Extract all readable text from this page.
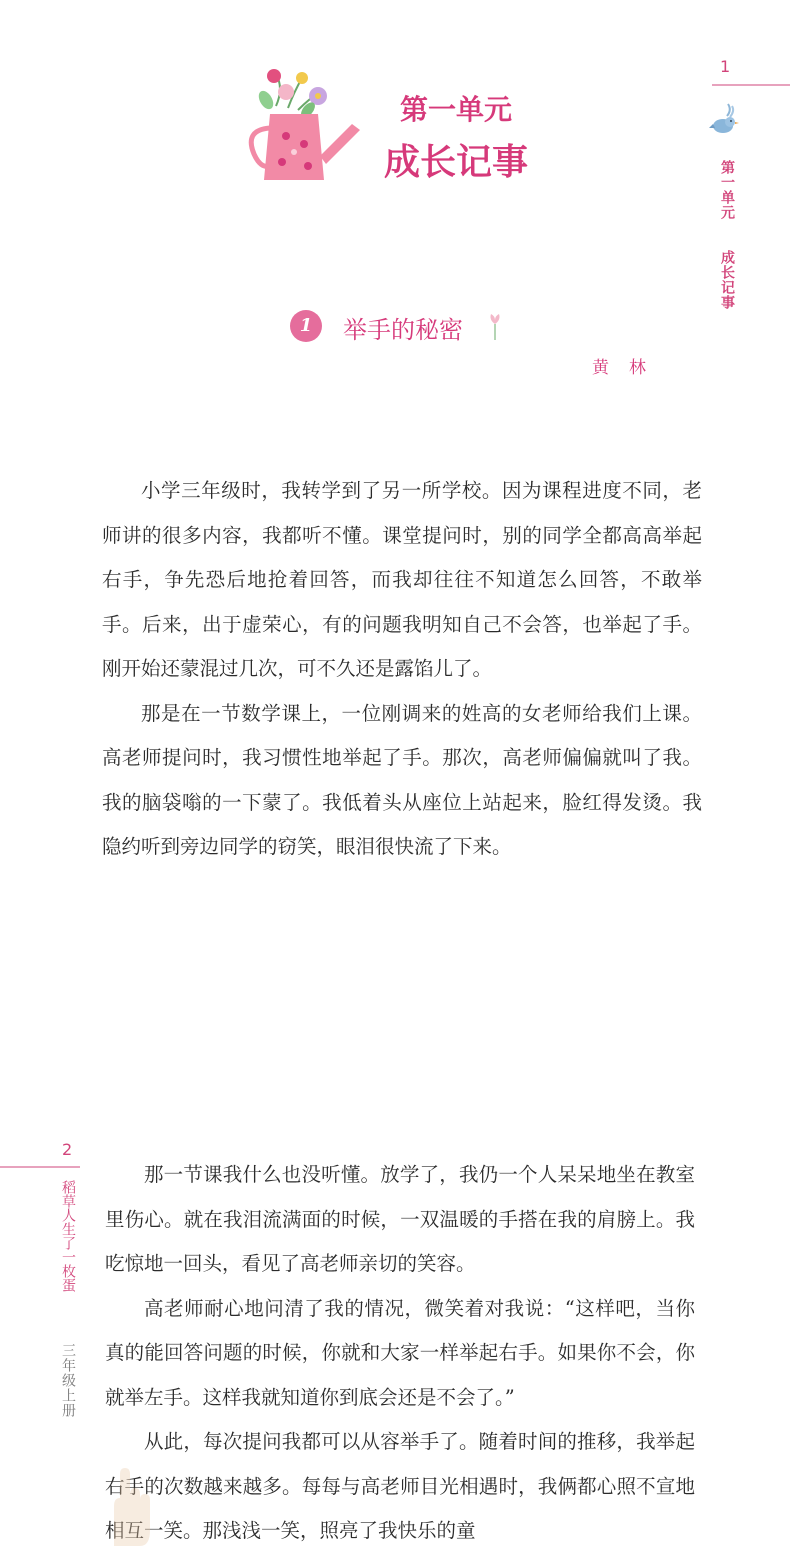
1
第一单元
成长记事
第一单元
成长记事
1	举手的秘密
黄林

小学三年级时，我转学到了另一所学校。因为课程进度不同，老师讲的很多内容，我都听不懂。课堂提问时，别的同学全都高高举起右手，争先恐后地抢着回答，而我却往往不知道怎么回答，不敢举手。后来，出于虚荣心，有的问题我明知自己不会答，也举起了手。刚开始还蒙混过几次，可不久还是露馅儿了。

那是在一节数学课上，一位刚调来的姓高的女老师给我们上课。高老师提问时，我习惯性地举起了手。那次，高老师偏偏就叫了我。我的脑袋嗡的一下蒙了。我低着头从座位上站起来，脸红得发烫。我隐约听到旁边同学的窃笑，眼泪很快流了下来。

2
稻草人生了一枚蛋
三年级上册

那一节课我什么也没听懂。放学了，我仍一个人呆呆地坐在教室里伤心。就在我泪流满面的时候，一双温暖的手搭在我的肩膀上。我吃惊地一回头，看见了高老师亲切的笑容。

高老师耐心地问清了我的情况，微笑着对我说：“这样吧，当你真的能回答问题的时候，你就和大家一样举起右手。如果你不会，你就举左手。这样我就知道你到底会还是不会了。”

从此，每次提问我都可以从容举手了。随着时间的推移，我举起右手的次数越来越多。每每与高老师目光相遇时，我俩都心照不宣地相互一笑。那浅浅一笑，照亮了我快乐的童
